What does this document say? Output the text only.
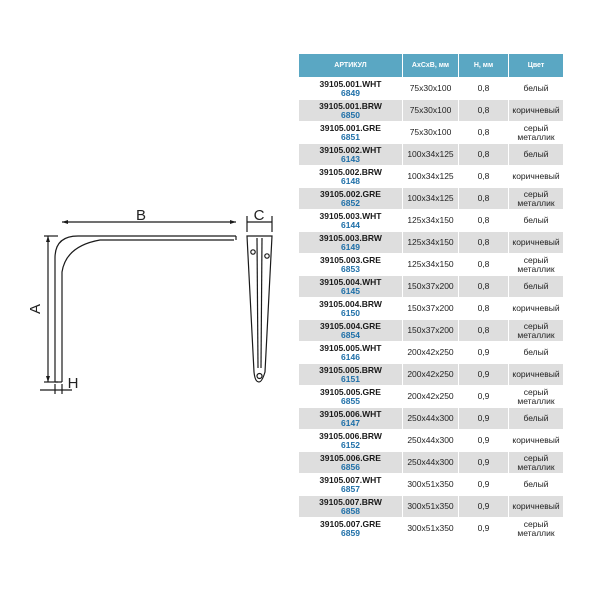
B	C
A
H
АРТИКУЛ	AxCxB, мм	H, мм	Цвет

39105.001.WHT
6849	75x30x100	0,8	белый

39105.001.BRW
6850	75x30x100	0,8	коричневый

39105.001.GRE
6851	75x30x100	0,8	серый металлик

39105.002.WHT
6143	100x34x125	0,8	белый

39105.002.BRW
6148	100x34x125	0,8	коричневый

39105.002.GRE
6852	100x34x125	0,8	серый металлик

39105.003.WHT
6144	125x34x150	0,8	белый

39105.003.BRW
6149	125x34x150	0,8	коричневый

39105.003.GRE
6853	125x34x150	0,8	серый металлик

39105.004.WHT
6145	150x37x200	0,8	белый

39105.004.BRW
6150	150x37x200	0,8	коричневый

39105.004.GRE
6854	150x37x200	0,8	серый металлик

39105.005.WHT
6146	200x42x250	0,9	белый

39105.005.BRW
6151	200x42x250	0,9	коричневый

39105.005.GRE
6855	200x42x250	0,9	серый металлик

39105.006.WHT
6147	250x44x300	0,9	белый

39105.006.BRW
6152	250x44x300	0,9	коричневый

39105.006.GRE
6856	250x44x300	0,9	серый металлик

39105.007.WHT
6857	300x51x350	0,9	белый

39105.007.BRW
6858	300x51x350	0,9	коричневый

39105.007.GRE
6859	300x51x350	0,9	серый металлик
